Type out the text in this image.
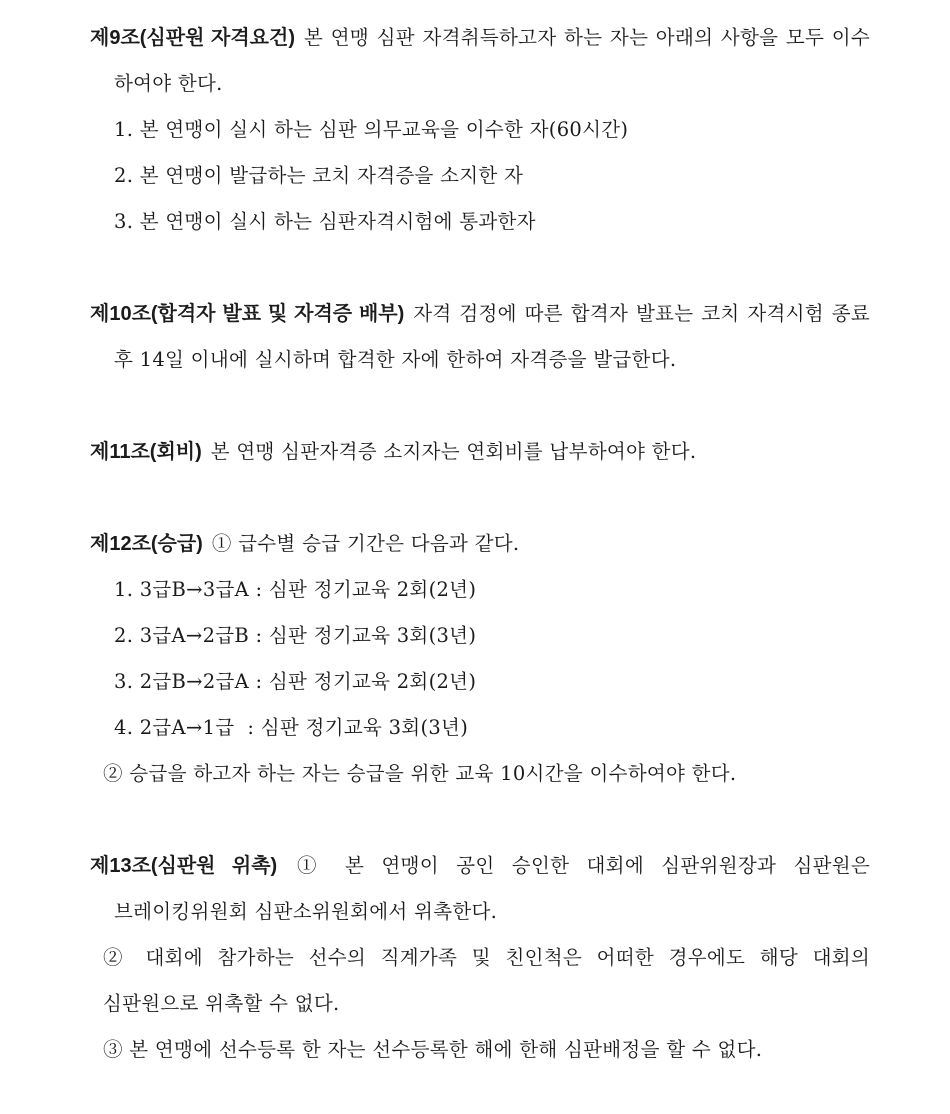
제9조(심판원 자격요건) 본 연맹 심판 자격취득하고자 하는 자는 아래의 사항을 모두 이수 하여야 한다.

1. 본 연맹이 실시 하는 심판 의무교육을 이수한 자(60시간)
2. 본 연맹이 발급하는 코치 자격증을 소지한 자
3. 본 연맹이 실시 하는 심판자격시험에 통과한자

제10조(합격자 발표 및 자격증 배부) 자격 검정에 따른 합격자 발표는 코치 자격시험 종료 후 14일 이내에 실시하며 합격한 자에 한하여 자격증을 발급한다.

제11조(회비) 본 연맹 심판자격증 소지자는 연회비를 납부하여야 한다.

제12조(승급) ① 급수별 승급 기간은 다음과 같다.

1. 3급B→3급A : 심판 정기교육 2회(2년)
2. 3급A→2급B : 심판 정기교육 3회(3년)
3. 2급B→2급A : 심판 정기교육 2회(2년)
4. 2급A→1급  : 심판 정기교육 3회(3년)

② 승급을 하고자 하는 자는 승급을 위한 교육 10시간을 이수하여야 한다.

제13조(심판원 위촉) ① 본 연맹이 공인 승인한 대회에 심판위원장과 심판원은 브레이킹위원회 심판소위원회에서 위촉한다.

② 대회에 참가하는 선수의 직계가족 및 친인척은 어떠한 경우에도 해당 대회의 심판원으로 위촉할 수 없다.

③ 본 연맹에 선수등록 한 자는 선수등록한 해에 한해 심판배정을 할 수 없다.
